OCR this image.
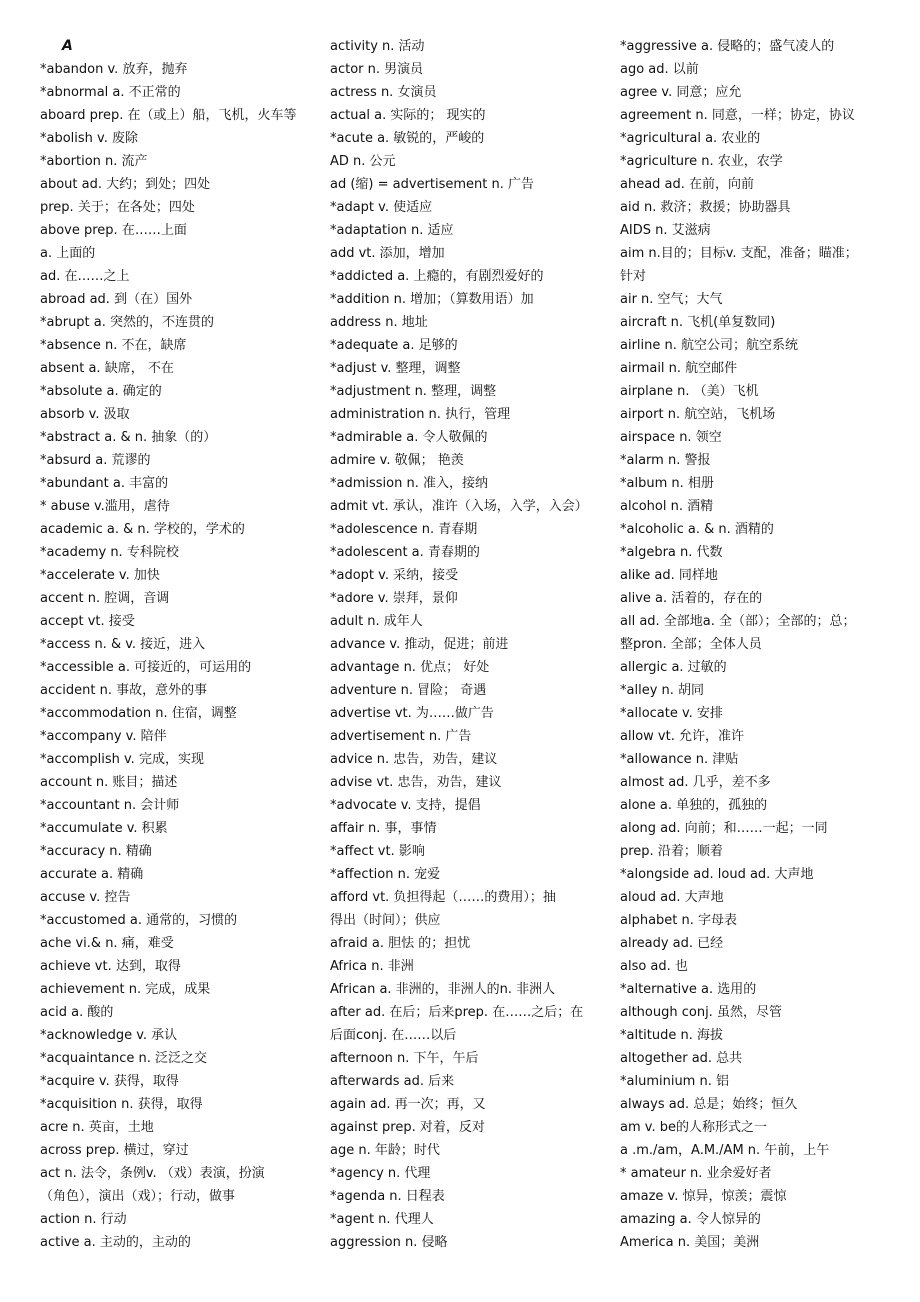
A
*abandon v. 放弃，抛弃
*abnormal a. 不正常的
aboard prep. 在（或上）船，飞机，火车等
*abolish v. 废除
*abortion n. 流产
about ad. 大约；到处；四处
prep. 关于；在各处；四处
above prep. 在……上面
a. 上面的
ad. 在……之上
abroad ad. 到（在）国外
*abrupt a. 突然的，不连贯的
*absence n. 不在，缺席
absent a. 缺席， 不在
*absolute a. 确定的
absorb v. 汲取
*abstract a. & n. 抽象（的）
*absurd a. 荒谬的
*abundant a. 丰富的
* abuse v.滥用，虐待
academic a. & n. 学校的，学术的
*academy n. 专科院校
*accelerate v. 加快
accent n. 腔调，音调
accept vt. 接受
*access n. & v. 接近，进入
*accessible a. 可接近的，可运用的
accident n. 事故，意外的事
*accommodation n. 住宿，调整
*accompany v. 陪伴
*accomplish v. 完成，实现
account n. 账目；描述
*accountant n. 会计师
*accumulate v. 积累
*accuracy n. 精确
accurate a. 精确
accuse v. 控告
*accustomed a. 通常的，习惯的
ache vi.& n. 痛，难受
achieve vt. 达到，取得
achievement n. 完成，成果
acid a. 酸的
*acknowledge v. 承认
*acquaintance n. 泛泛之交
*acquire v. 获得，取得
*acquisition n. 获得，取得
acre n. 英亩，土地
across prep. 横过，穿过
act n. 法令，条例v. （戏）表演，扮演
（角色），演出（戏）；行动，做事
action n. 行动
active a. 主动的，主动的
activity n. 活动
actor n. 男演员
actress n. 女演员
actual a. 实际的； 现实的
*acute a. 敏锐的，严峻的
AD n. 公元
ad (缩) = advertisement n. 广告
*adapt v. 使适应
*adaptation n. 适应
add vt. 添加，增加
*addicted a. 上瘾的，有剧烈爱好的
*addition n. 增加；（算数用语）加
address n. 地址
*adequate a. 足够的
*adjust v. 整理，调整
*adjustment n. 整理，调整
administration n. 执行，管理
*admirable a. 令人敬佩的
admire v. 敬佩； 艳羡
*admission n. 准入，接纳
admit vt. 承认，准许（入场，入学，入会）
*adolescence n. 青春期
*adolescent a. 青春期的
*adopt v. 采纳，接受
*adore v. 崇拜，景仰
adult n. 成年人
advance v. 推动，促进；前进
advantage n. 优点； 好处
adventure n. 冒险； 奇遇
advertise vt. 为……做广告
advertisement n. 广告
advice n. 忠告，劝告，建议
advise vt. 忠告，劝告，建议
*advocate v. 支持，提倡
affair n. 事，事情
*affect vt. 影响
*affection n. 宠爱
afford vt. 负担得起（……的费用）；抽
得出（时间）；供应
afraid a. 胆怯 的；担忧
Africa n. 非洲
African a. 非洲的，非洲人的n. 非洲人
after ad. 在后；后来prep. 在……之后；在
后面conj. 在……以后
afternoon n. 下午，午后
afterwards ad. 后来
again ad. 再一次；再，又
against prep. 对着，反对
age n. 年龄；时代
*agency n. 代理
*agenda n. 日程表
*agent n. 代理人
aggression n. 侵略
*aggressive a. 侵略的；盛气凌人的
ago ad. 以前
agree v. 同意；应允
agreement n. 同意，一样；协定，协议
*agricultural a. 农业的
*agriculture n. 农业，农学
ahead ad. 在前，向前
aid n. 救济；救援；协助器具
AIDS n. 艾滋病
aim n.目的；目标v. 支配，准备；瞄准；
针对
air n. 空气；大气
aircraft n. 飞机(单复数同)
airline n. 航空公司；航空系统
airmail n. 航空邮件
airplane n. （美）飞机
airport n. 航空站，飞机场
airspace n. 领空
*alarm n. 警报
*album n. 相册
alcohol n. 酒精
*alcoholic a. & n. 酒精的
*algebra n. 代数
alike ad. 同样地
alive a. 活着的，存在的
all ad. 全部地a. 全（部）；全部的；总；
整pron. 全部；全体人员
allergic a. 过敏的
*alley n. 胡同
*allocate v. 安排
allow vt. 允许，准许
*allowance n. 津贴
almost ad. 几乎，差不多
alone a. 单独的，孤独的
along ad. 向前；和……一起；一同
prep. 沿着；顺着
*alongside ad. loud ad. 大声地
aloud ad. 大声地
alphabet n. 字母表
already ad. 已经
also ad. 也
*alternative a. 选用的
although conj. 虽然，尽管
*altitude n. 海拔
altogether ad. 总共
*aluminium n. 铝
always ad. 总是；始终；恒久
am v. be的人称形式之一
a .m./am，A.M./AM n. 午前，上午
* amateur n. 业余爱好者
amaze v. 惊异，惊羡；震惊
amazing a. 令人惊异的
America n. 美国；美洲
